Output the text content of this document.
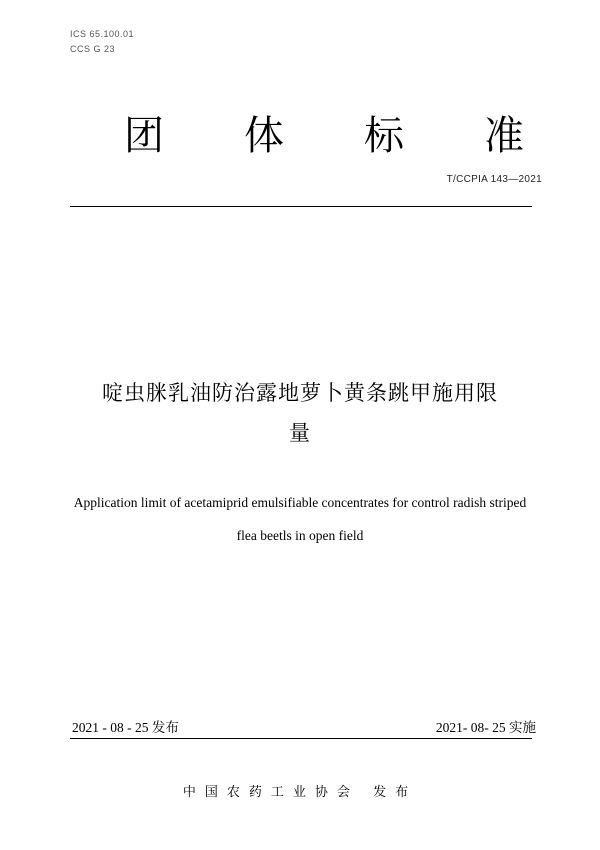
ICS 65.100.01
CCS G 23
团 体 标 准
T/CCPIA 143—2021
啶虫脒乳油防治露地萝卜黄条跳甲施用限
量
Application limit of acetamiprid emulsifiable concentrates for control radish striped
flea beetls in open field
2021 - 08 - 25 发布	2021- 08- 25 实施
中国农药工业协会 发布
